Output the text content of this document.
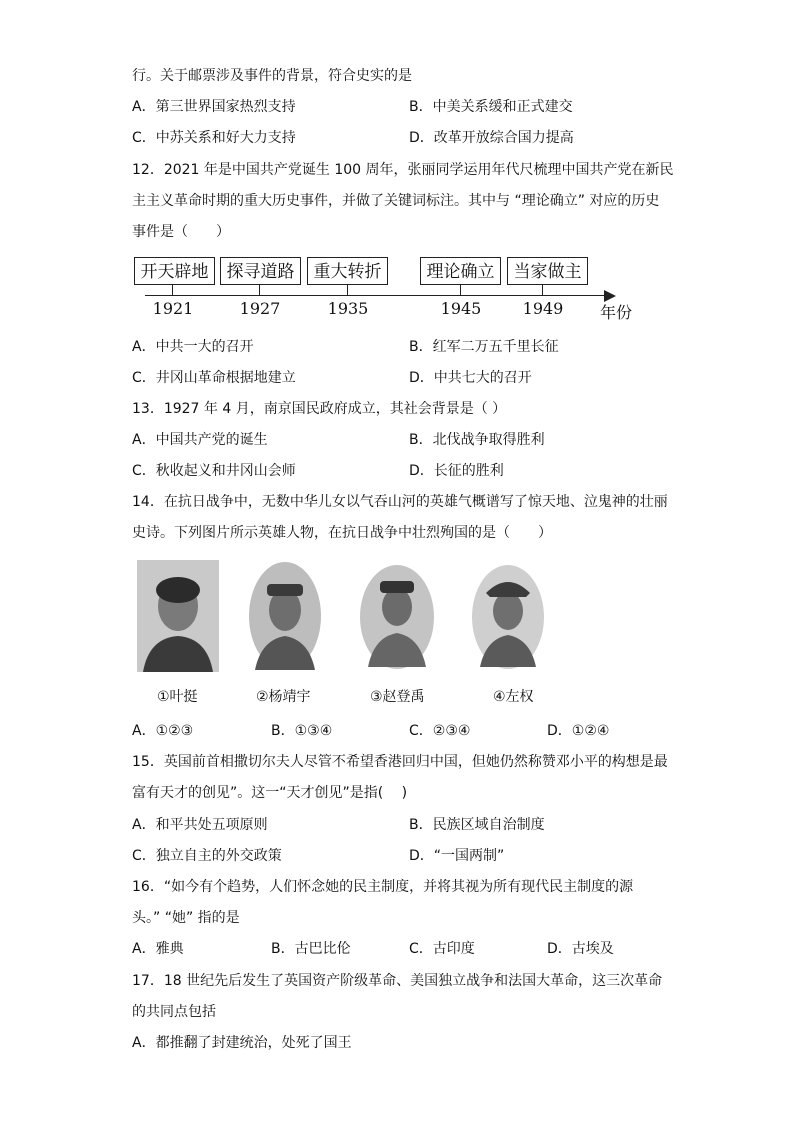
行。关于邮票涉及事件的背景，符合史实的是
A．第三世界国家热烈支持	B．中美关系缓和正式建交
C．中苏关系和好大力支持	D．改革开放综合国力提高
12．2021 年是中国共产党诞生 100 周年，张丽同学运用年代尺梳理中国共产党在新民
主主义革命时期的重大历史事件，并做了关键词标注。其中与 “理论确立” 对应的历史
事件是（　　）
开天辟地	探寻道路	重大转折	理论确立	当家做主
1921	1927	1935	1945	1949 年份
A．中共一大的召开	B．红军二万五千里长征
C．井冈山革命根据地建立	D．中共七大的召开
13．1927 年 4 月，南京国民政府成立，其社会背景是（ ）
A．中国共产党的诞生	B．北伐战争取得胜利
C．秋收起义和井冈山会师	D．长征的胜利
14．在抗日战争中，无数中华儿女以气吞山河的英雄气概谱写了惊天地、泣鬼神的壮丽
史诗。下列图片所示英雄人物，在抗日战争中壮烈殉国的是（　　）
①叶挺	②杨靖宇	③赵登禹	④左权
A．①②③	B．①③④	C．②③④	D．①②④
15．英国前首相撒切尔夫人尽管不希望香港回归中国，但她仍然称赞邓小平的构想是最
富有天才的创见”。这一“天才创见”是指(　 )
A．和平共处五项原则	B．民族区域自治制度
C．独立自主的外交政策	D．“一国两制”
16．“如今有个趋势，人们怀念她的民主制度，并将其视为所有现代民主制度的源
头。” “她” 指的是
A．雅典	B．古巴比伦	C．古印度	D．古埃及
17．18 世纪先后发生了英国资产阶级革命、美国独立战争和法国大革命，这三次革命
的共同点包括
A．都推翻了封建统治，处死了国王
